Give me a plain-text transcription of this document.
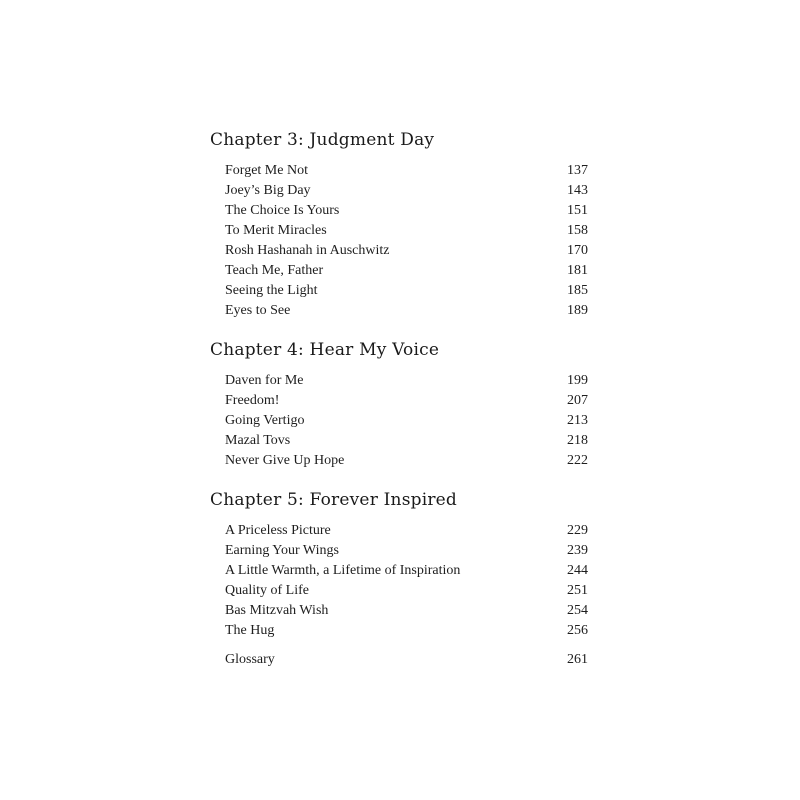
Chapter 3: Judgment Day
Forget Me Not	137
Joey’s Big Day	143
The Choice Is Yours	151
To Merit Miracles	158
Rosh Hashanah in Auschwitz	170
Teach Me, Father	181
Seeing the Light	185
Eyes to See	189
Chapter 4: Hear My Voice
Daven for Me	199
Freedom!	207
Going Vertigo	213
Mazal Tovs	218
Never Give Up Hope	222
Chapter 5: Forever Inspired
A Priceless Picture	229
Earning Your Wings	239
A Little Warmth, a Lifetime of Inspiration	244
Quality of Life	251
Bas Mitzvah Wish	254
The Hug	256
Glossary	261
